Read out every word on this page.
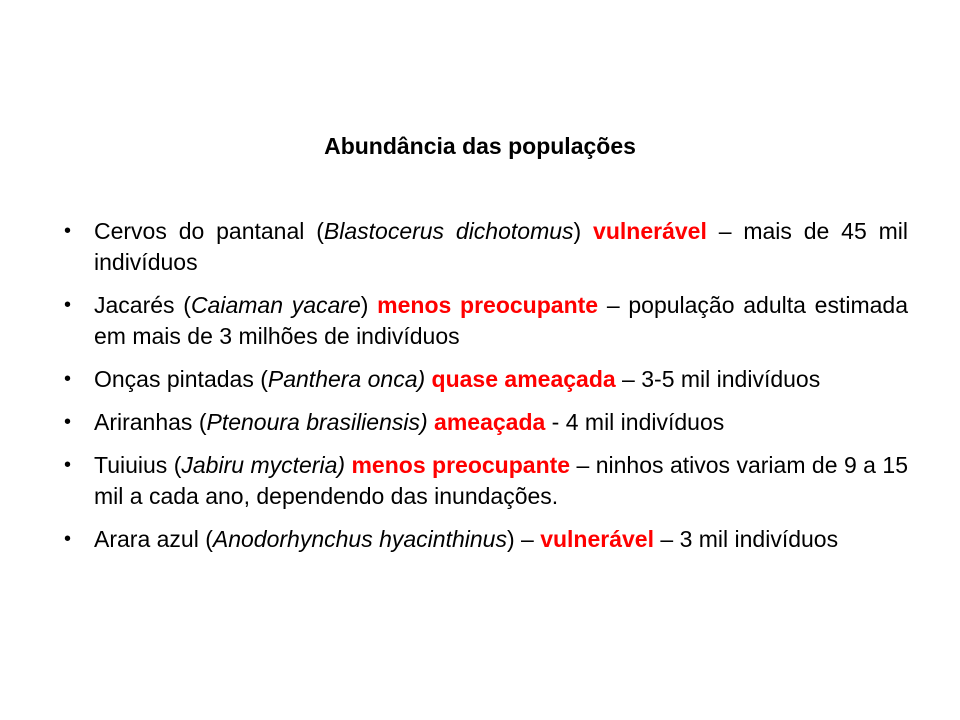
Abundância das populações
• Cervos do pantanal (Blastocerus dichotomus) vulnerável – mais de 45 mil indivíduos
• Jacarés (Caiaman yacare) menos preocupante – população adulta estimada em mais de 3 milhões de indivíduos
• Onças pintadas (Panthera onca) quase ameaçada – 3-5 mil indivíduos
• Ariranhas (Ptenoura brasiliensis) ameaçada - 4 mil indivíduos
• Tuiuius (Jabiru mycteria) menos preocupante – ninhos ativos variam de 9 a 15 mil a cada ano, dependendo das inundações.
• Arara azul (Anodorhynchus hyacinthinus) – vulnerável – 3 mil indivíduos
